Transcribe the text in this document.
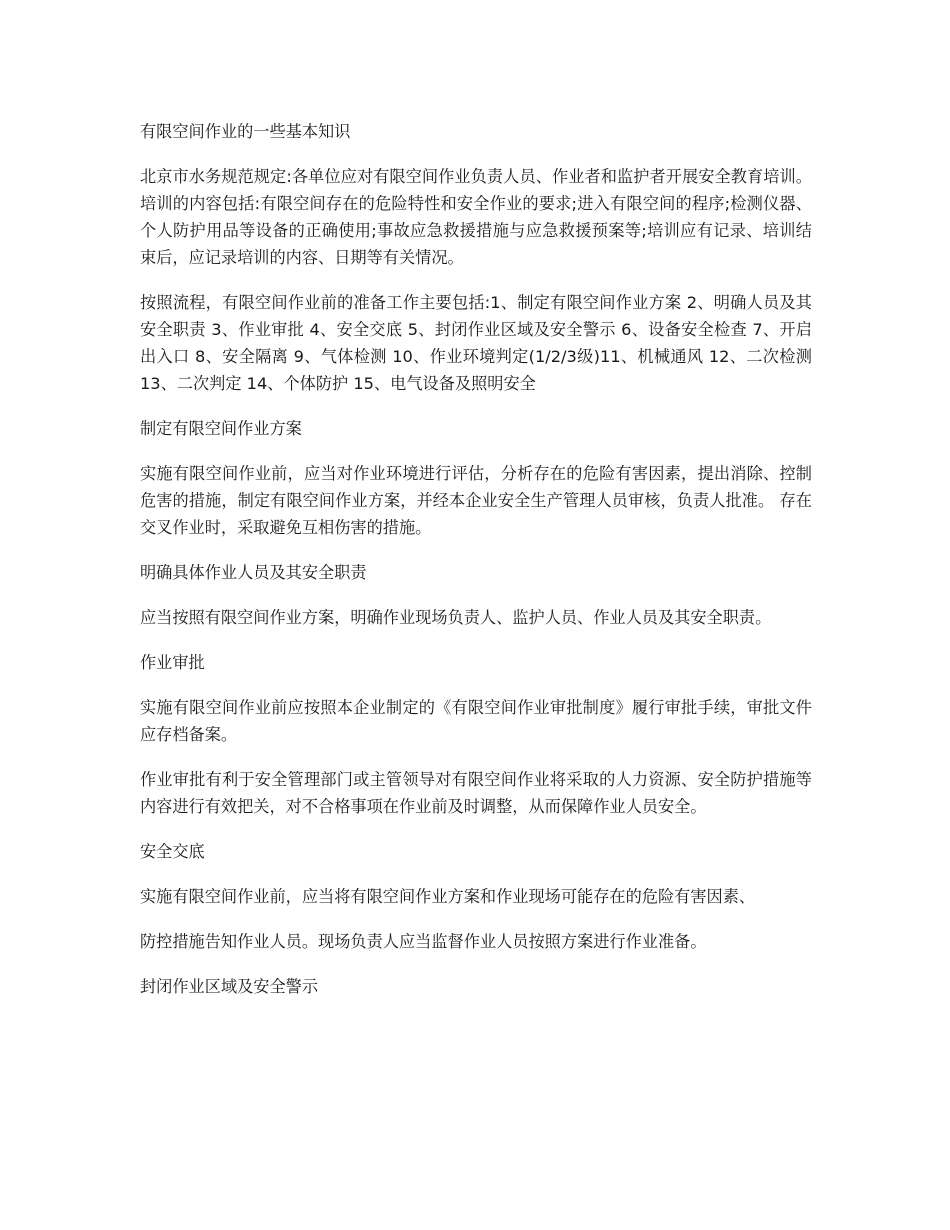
有限空间作业的一些基本知识

北京市水务规范规定:各单位应对有限空间作业负责人员、作业者和监护者开展安全教育培训。培训的内容包括:有限空间存在的危险特性和安全作业的要求;进入有限空间的程序;检测仪器、个人防护用品等设备的正确使用;事故应急救援措施与应急救援预案等;培训应有记录、培训结束后，应记录培训的内容、日期等有关情况。

按照流程，有限空间作业前的准备工作主要包括:1、制定有限空间作业方案 2、明确人员及其安全职责 3、作业审批 4、安全交底 5、封闭作业区域及安全警示 6、设备安全检查 7、开启出入口 8、安全隔离 9、气体检测 10、作业环境判定(1/2/3级)11、机械通风 12、二次检测 13、二次判定 14、个体防护 15、电气设备及照明安全

制定有限空间作业方案

实施有限空间作业前，应当对作业环境进行评估，分析存在的危险有害因素，提出消除、控制危害的措施，制定有限空间作业方案，并经本企业安全生产管理人员审核，负责人批准。 存在交叉作业时，采取避免互相伤害的措施。

明确具体作业人员及其安全职责

应当按照有限空间作业方案，明确作业现场负责人、监护人员、作业人员及其安全职责。

作业审批

实施有限空间作业前应按照本企业制定的《有限空间作业审批制度》履行审批手续，审批文件应存档备案。

作业审批有利于安全管理部门或主管领导对有限空间作业将采取的人力资源、安全防护措施等内容进行有效把关，对不合格事项在作业前及时调整，从而保障作业人员安全。

安全交底

实施有限空间作业前，应当将有限空间作业方案和作业现场可能存在的危险有害因素、

防控措施告知作业人员。现场负责人应当监督作业人员按照方案进行作业准备。

封闭作业区域及安全警示
